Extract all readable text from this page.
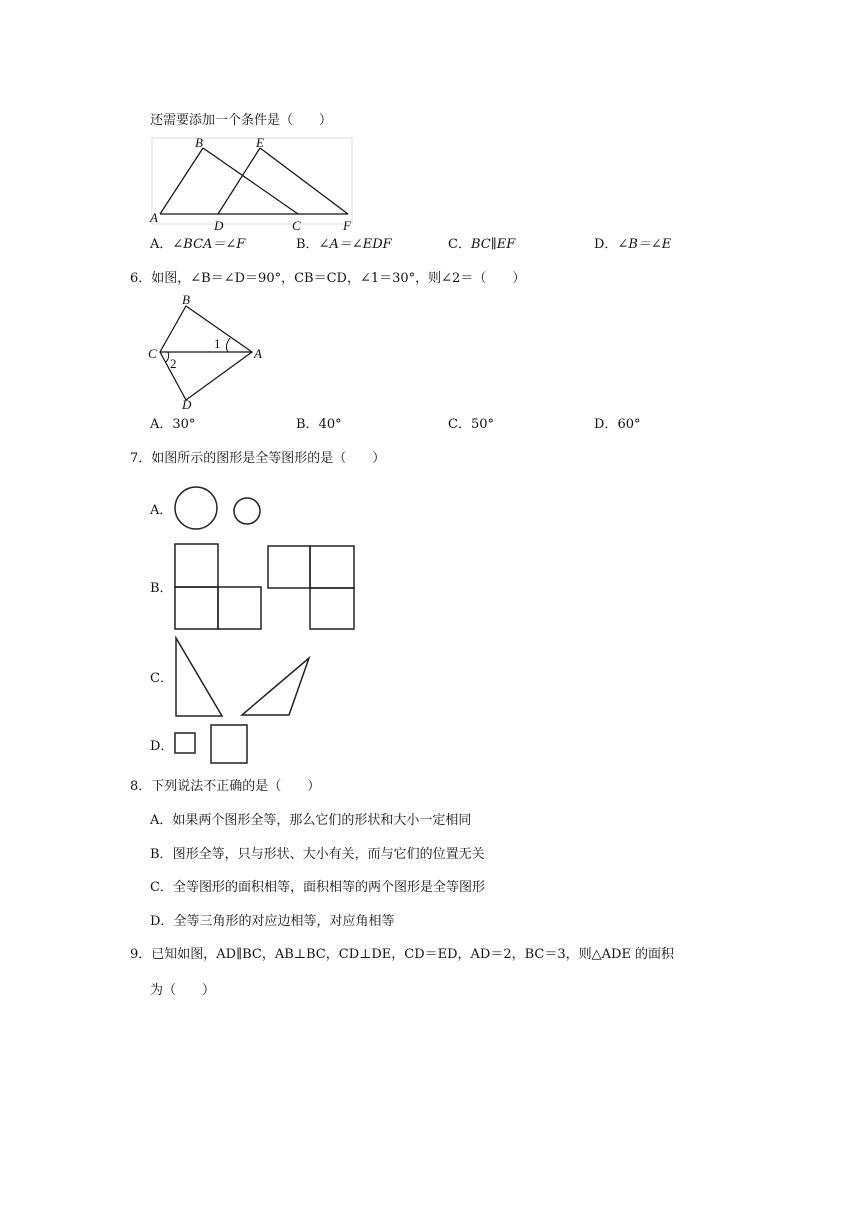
还需要添加一个条件是（　　）
A
B
C
D
E
F
A．∠BCA＝∠F	B．∠A＝∠EDF	C．BC∥EF	D．∠B＝∠E
6．如图，∠B＝∠D＝90°，CB＝CD，∠1＝30°，则∠2＝（　　）
B
C	A
D
1
2
A．30°	B．40°	C．50°	D．60°
7．如图所示的图形是全等图形的是（　　）
A．
B．
C．
D．
8．下列说法不正确的是（　　）
A．如果两个图形全等，那么它们的形状和大小一定相同
B．图形全等，只与形状、大小有关，而与它们的位置无关
C．全等图形的面积相等，面积相等的两个图形是全等图形
D．全等三角形的对应边相等，对应角相等
9．已知如图，AD∥BC，AB⊥BC，CD⊥DE，CD＝ED，AD＝2，BC＝3，则△ADE 的面积
为（　　）
